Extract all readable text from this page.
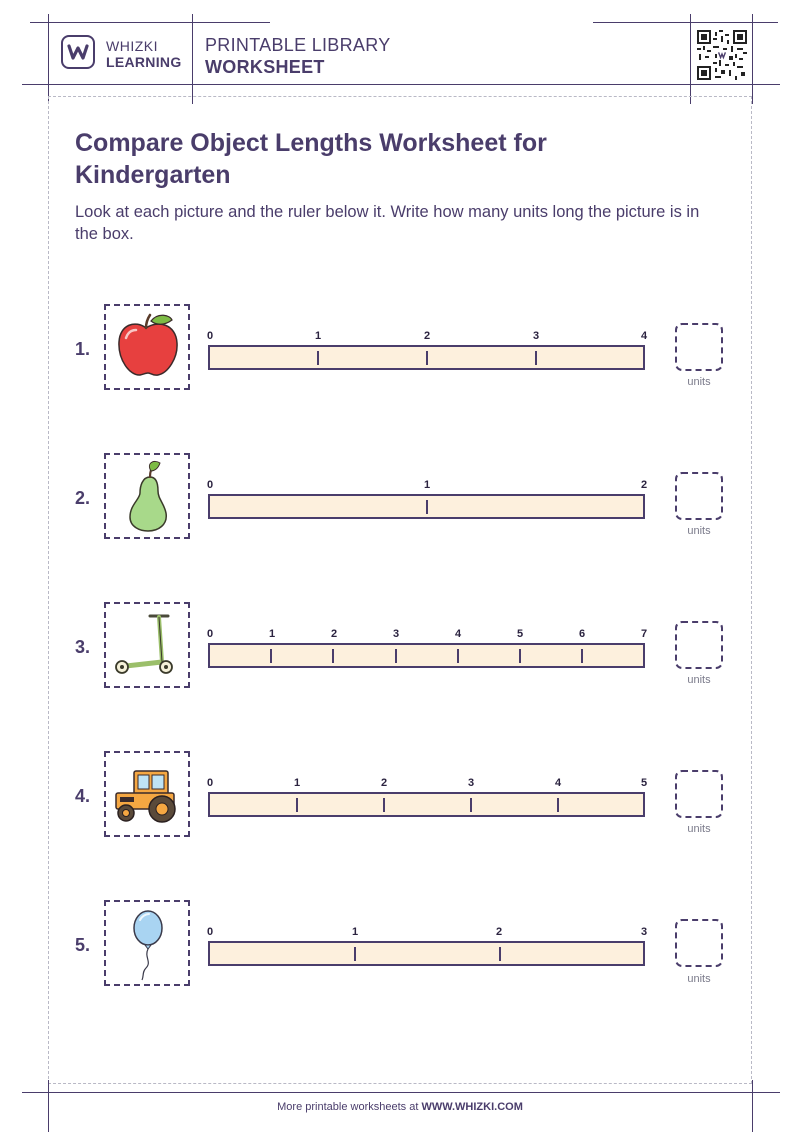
WHIZKI
LEARNING
PRINTABLE LIBRARY
WORKSHEET
Compare Object Lengths Worksheet for Kindergarten
Look at each picture and the ruler below it. Write how many units long the picture is in the box.
1.
0	1	2	3	4
units
2.
0	1	2
units
3.
0	1	2	3	4	5	6	7
units
4.
0	1	2	3	4	5
units
5.
0	1	2	3
units
More printable worksheets at WWW.WHIZKI.COM
